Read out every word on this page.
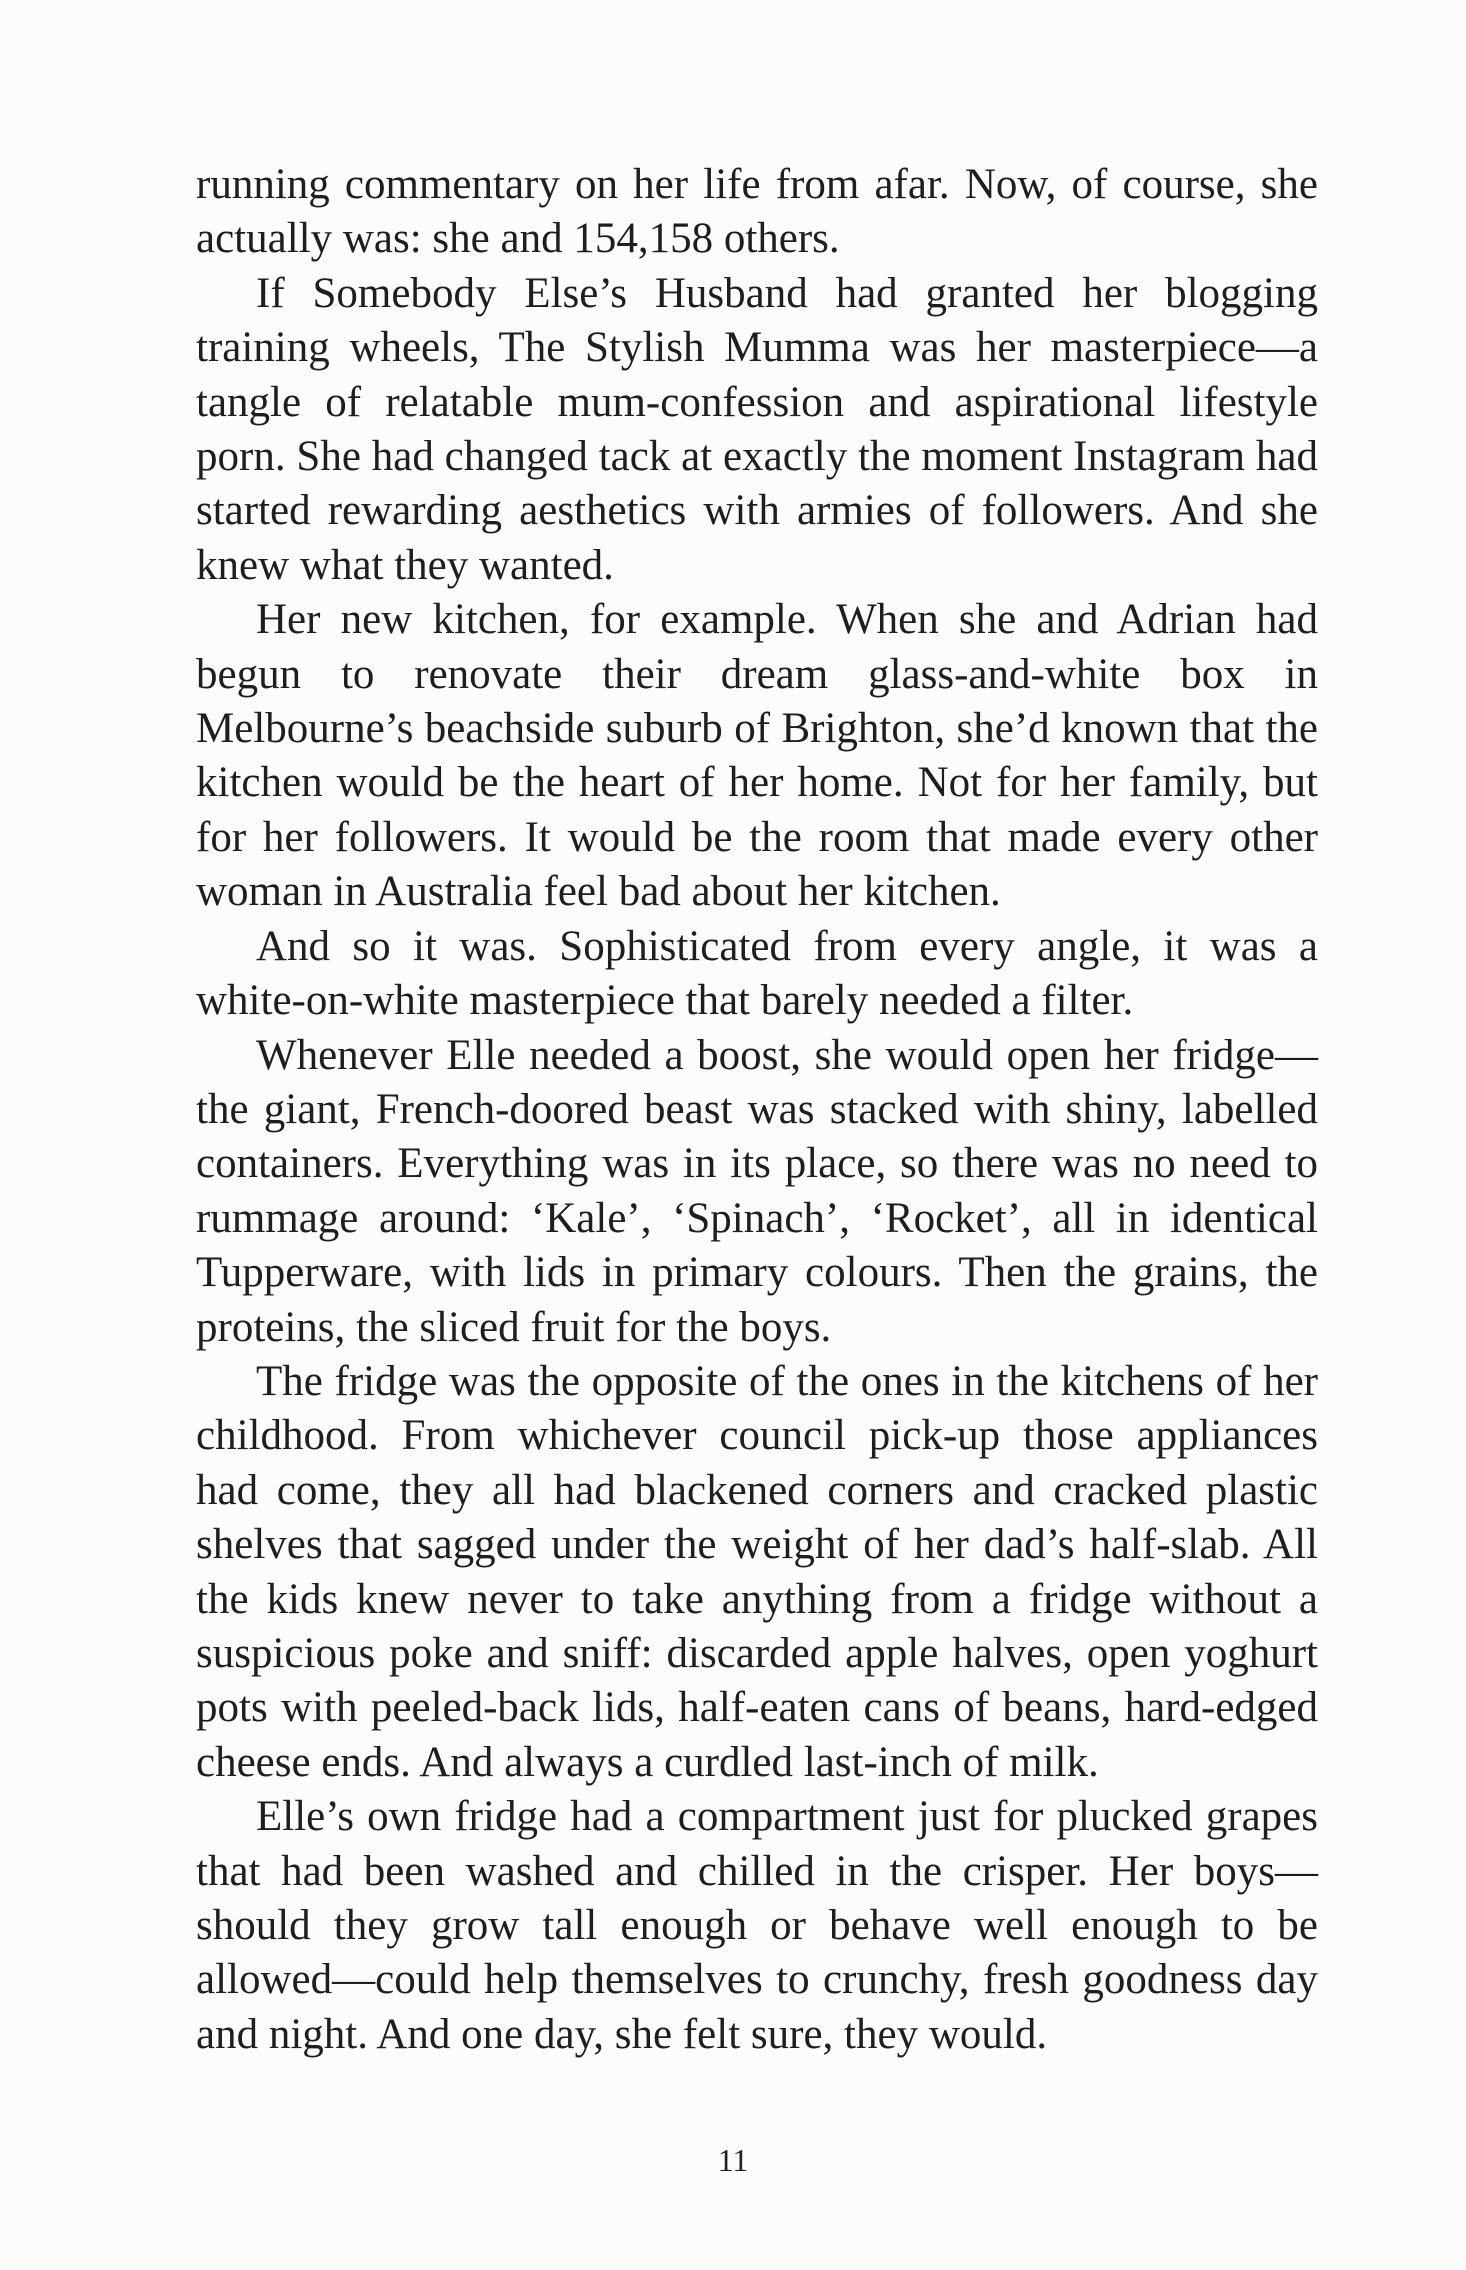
running commentary on her life from afar. Now, of course, she actually was: she and 154,158 others.

If Somebody Else’s Husband had granted her blogging training wheels, The Stylish Mumma was her masterpiece—a tangle of relatable mum-confession and aspirational lifestyle porn. She had changed tack at exactly the moment Instagram had started rewarding aesthetics with armies of followers. And she knew what they wanted.

Her new kitchen, for example. When she and Adrian had begun to renovate their dream glass-and-white box in Melbourne’s beachside suburb of Brighton, she’d known that the kitchen would be the heart of her home. Not for her family, but for her followers. It would be the room that made every other woman in Australia feel bad about her kitchen.

And so it was. Sophisticated from every angle, it was a white-on-white masterpiece that barely needed a filter.

Whenever Elle needed a boost, she would open her fridge—the giant, French-doored beast was stacked with shiny, labelled containers. Everything was in its place, so there was no need to rummage around: ‘Kale’, ‘Spinach’, ‘Rocket’, all in identical Tupperware, with lids in primary colours. Then the grains, the proteins, the sliced fruit for the boys.

The fridge was the opposite of the ones in the kitchens of her childhood. From whichever council pick-up those appliances had come, they all had blackened corners and cracked plastic shelves that sagged under the weight of her dad’s half-slab. All the kids knew never to take anything from a fridge without a suspicious poke and sniff: discarded apple halves, open yoghurt pots with peeled-back lids, half-eaten cans of beans, hard-edged cheese ends. And always a curdled last-inch of milk.

Elle’s own fridge had a compartment just for plucked grapes that had been washed and chilled in the crisper. Her boys—should they grow tall enough or behave well enough to be allowed—could help themselves to crunchy, fresh goodness day and night. And one day, she felt sure, they would.

11
